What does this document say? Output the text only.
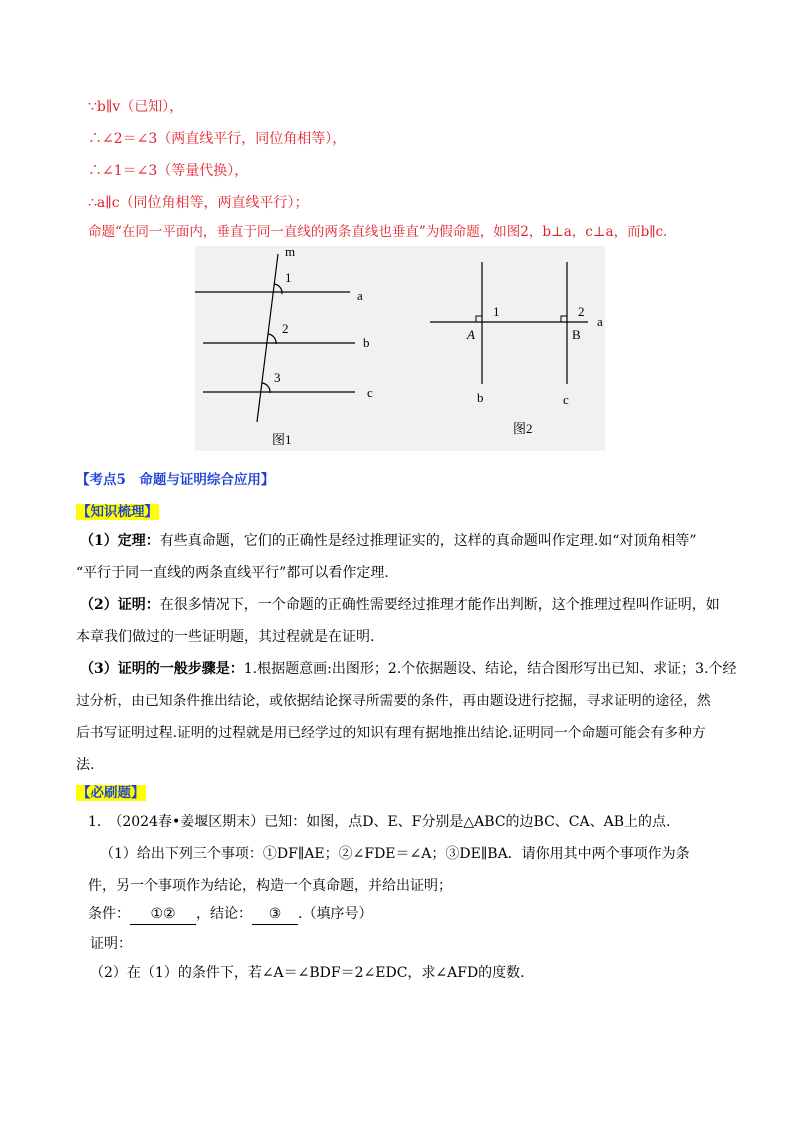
∵b∥v（已知），
∴∠2＝∠3（两直线平行，同位角相等），
∴∠1＝∠3（等量代换），
∴a∥c（同位角相等，两直线平行）；
命题“在同一平面内，垂直于同一直线的两条直线也垂直”为假命题，如图2，b⊥a，c⊥a，而b∥c.
m
a
b
c
1
2
3
图1
1	2
A	B
a
b	c
图2
【考点5　命题与证明综合应用】
【知识梳理】
（1）定理：有些真命题，它们的正确性是经过推理证实的，这样的真命题叫作定理.如“对顶角相等”
“平行于同一直线的两条直线平行”都可以看作定理.
（2）证明：在很多情况下，一个命题的正确性需要经过推理才能作出判断，这个推理过程叫作证明，如
本章我们做过的一些证明题，其过程就是在证明.
（3）证明的一般步骤是：1.根据题意画:出图形；2.个依据题设、结论，结合图形写出已知、求证；3.个经
过分析，由已知条件推出结论，或依据结论探寻所需要的条件，再由题设进行挖掘，寻求证明的途径，然
后书写证明过程.证明的过程就是用已经学过的知识有理有据地推出结论.证明同一个命题可能会有多种方
法.
【必刷题】
1.　（2024春•姜堰区期末）已知：如图，点D、E、F分别是△ABC的边BC、CA、AB上的点.
（1）给出下列三个事项：①DF∥AE；②∠FDE＝∠A；③DE∥BA．请你用其中两个事项作为条
件，另一个事项作为结论，构造一个真命题，并给出证明；
条件： ①② ，结论： ③ .（填序号）
证明：
（2）在（1）的条件下，若∠A＝∠BDF＝2∠EDC，求∠AFD的度数.
